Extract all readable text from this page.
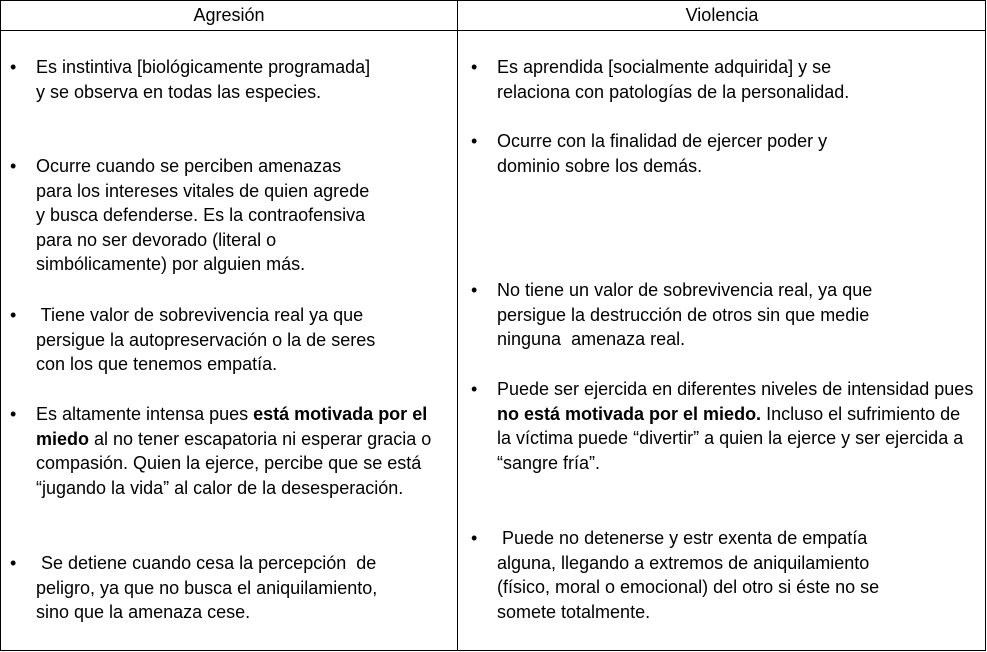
Agresión	Violencia
• Es instintiva [biológicamente programada]
y se observa en todas las especies.
• Ocurre cuando se perciben amenazas
para los intereses vitales de quien agrede
y busca defenderse. Es la contraofensiva
para no ser devorado (literal o
simbólicamente) por alguien más.
• Tiene valor de sobrevivencia real ya que
persigue la autopreservación o la de seres
con los que tenemos empatía.
• Es altamente intensa pues está motivada por el miedo al no tener escapatoria ni esperar gracia o compasión. Quien la ejerce, percibe que se está “jugando la vida” al calor de la desesperación.
• Se detiene cuando cesa la percepción  de
peligro, ya que no busca el aniquilamiento,
sino que la amenaza cese.
• Es aprendida [socialmente adquirida] y se
relaciona con patologías de la personalidad.
• Ocurre con la finalidad de ejercer poder y
dominio sobre los demás.
• No tiene un valor de sobrevivencia real, ya que
persigue la destrucción de otros sin que medie
ninguna  amenaza real.
• Puede ser ejercida en diferentes niveles de intensidad pues no está motivada por el miedo. Incluso el sufrimiento de la víctima puede “divertir” a quien la ejerce y ser ejercida a “sangre fría”.
• Puede no detenerse y estr exenta de empatía
alguna, llegando a extremos de aniquilamiento
(físico, moral o emocional) del otro si éste no se
somete totalmente.
